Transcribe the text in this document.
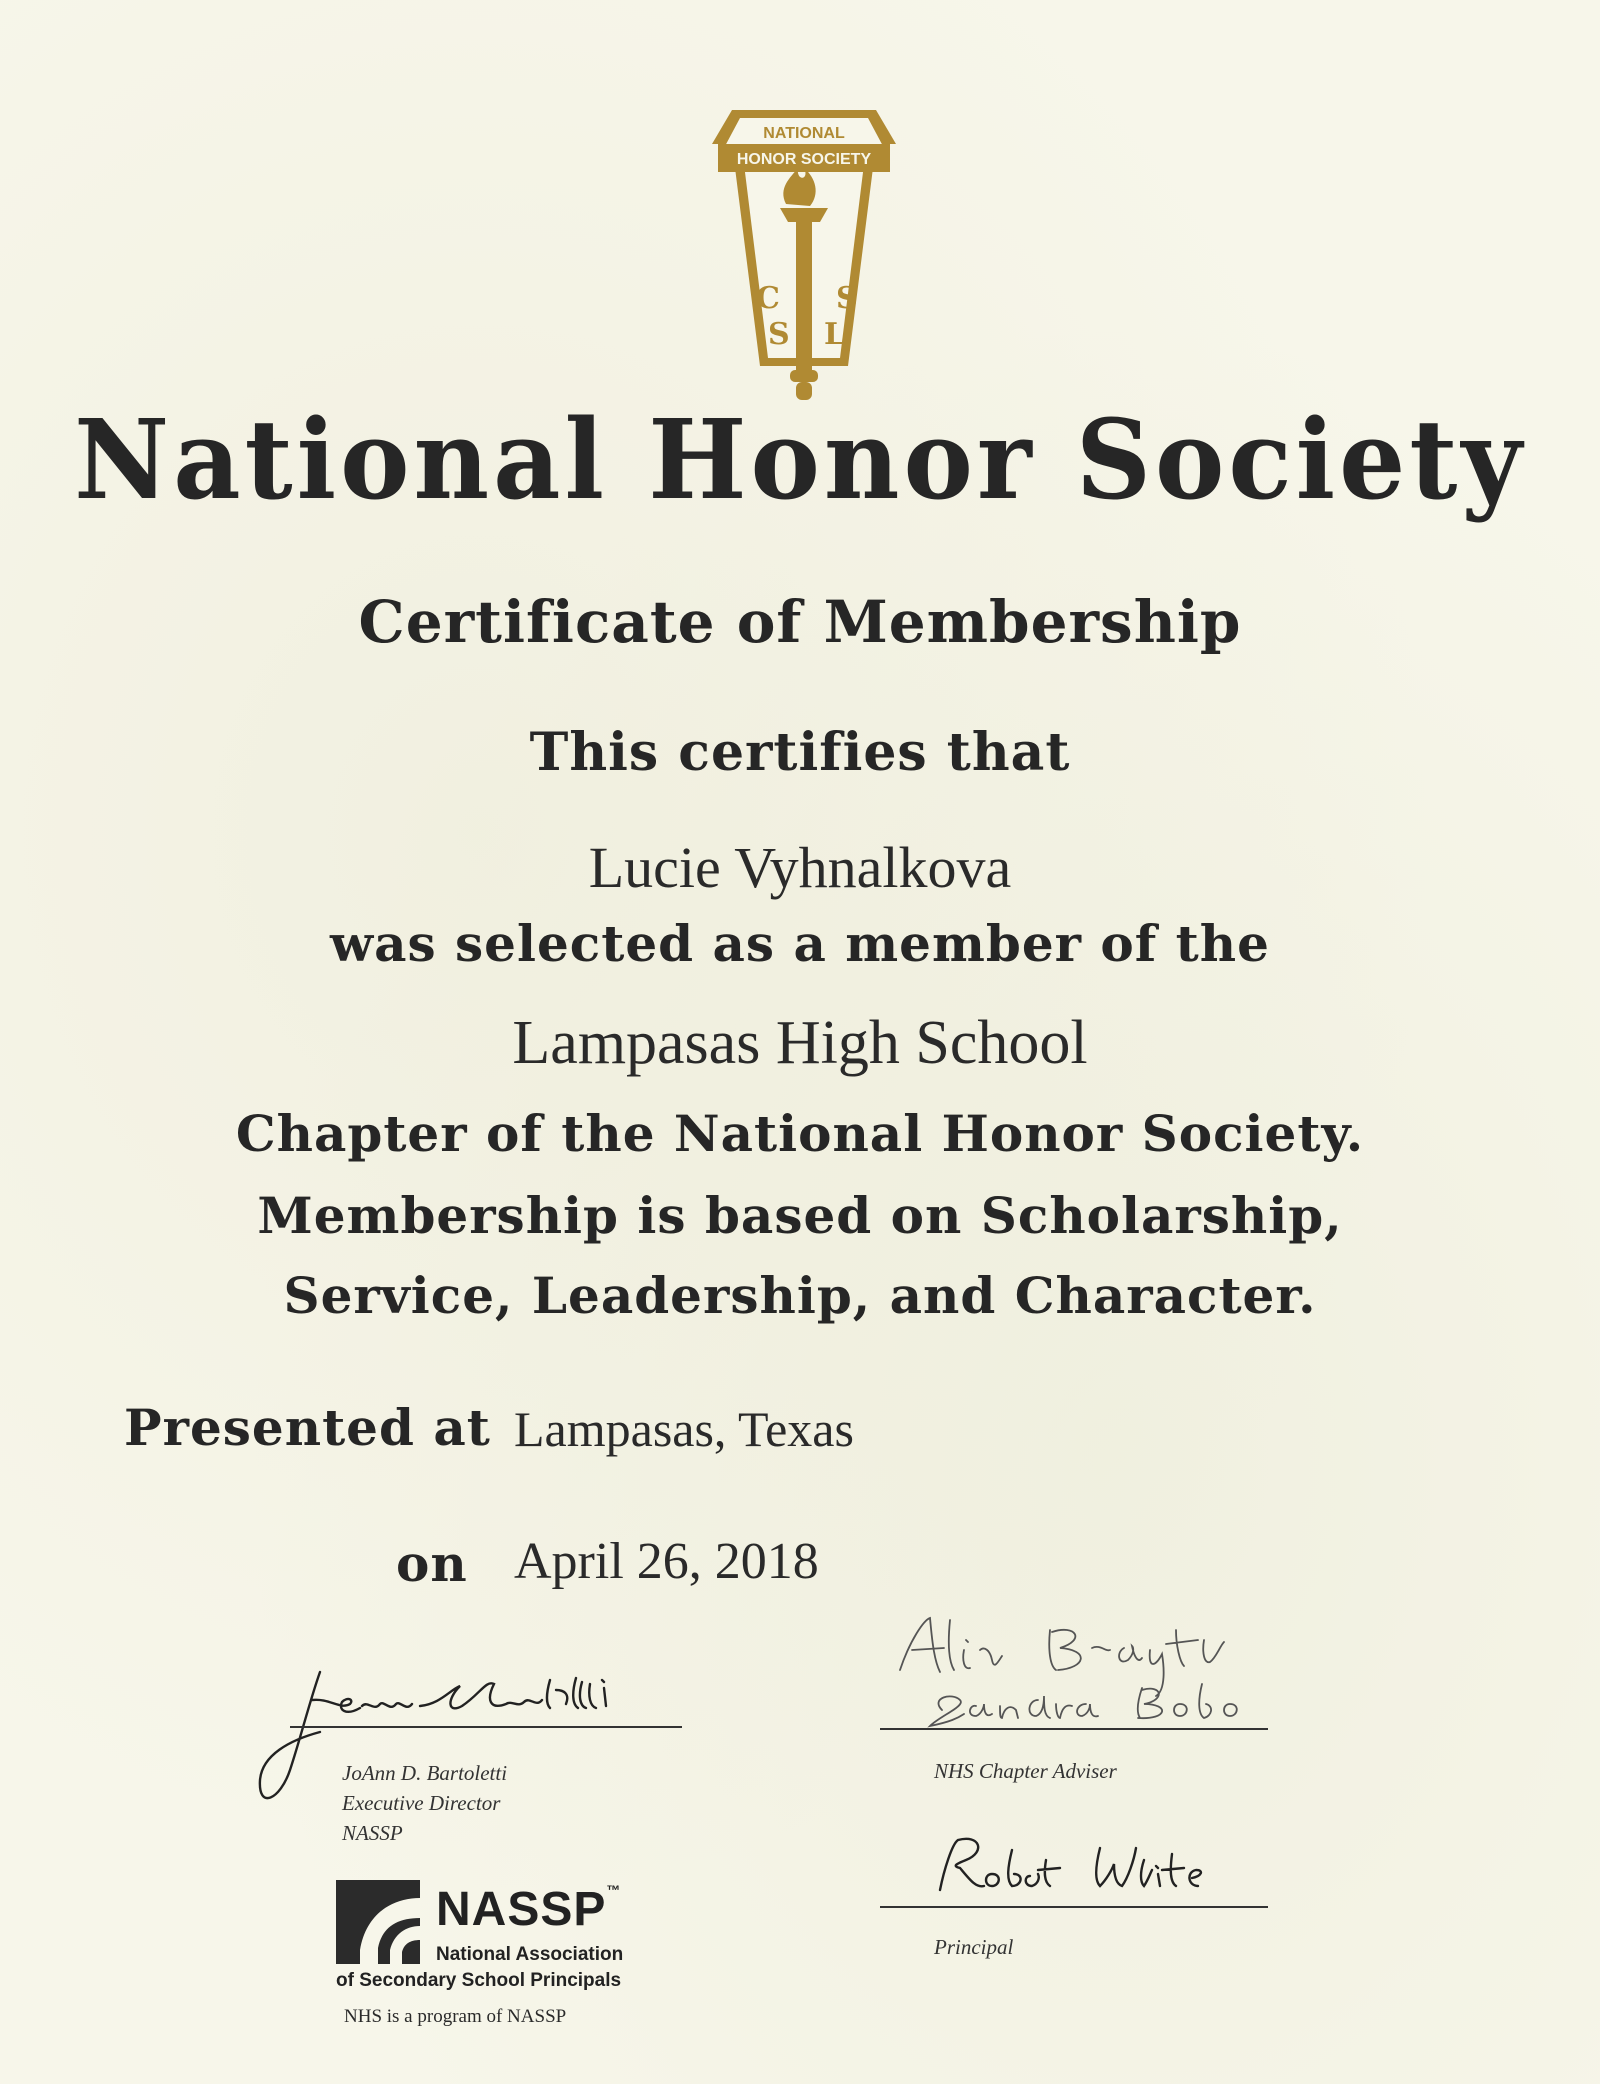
NATIONAL
HONOR SOCIETY
C
S L
S
National Honor Society
Certificate of Membership
This certifies that
Lucie Vyhnalkova
was selected as a member of the
Lampasas High School
Chapter of the National Honor Society.
Membership is based on Scholarship,
Service, Leadership, and Character.
Presented at Lampasas, Texas
on April 26, 2018
JoAnn D. Bartoletti
Executive Director
NASSP
NHS Chapter Adviser
Principal
NASSP™
National Association
of Secondary School Principals
NHS is a program of NASSP
